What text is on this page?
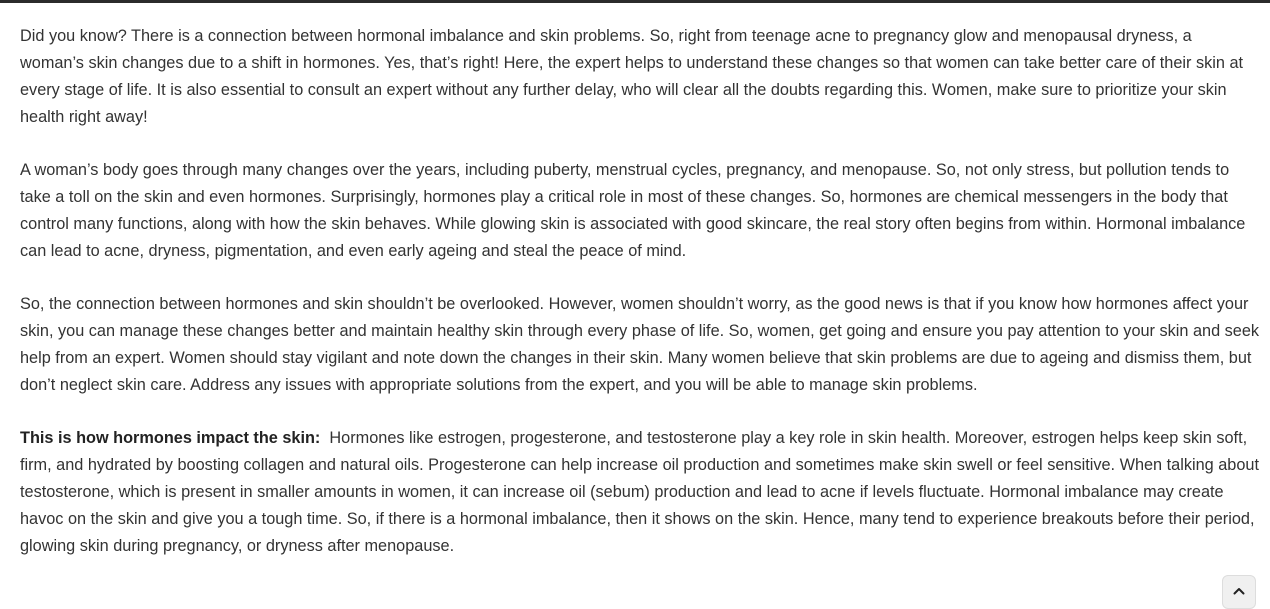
Did you know? There is a connection between hormonal imbalance and skin problems. So, right from teenage acne to pregnancy glow and menopausal dryness, a woman’s skin changes due to a shift in hormones. Yes, that’s right! Here, the expert helps to understand these changes so that women can take better care of their skin at every stage of life. It is also essential to consult an expert without any further delay, who will clear all the doubts regarding this. Women, make sure to prioritize your skin health right away!

A woman’s body goes through many changes over the years, including puberty, menstrual cycles, pregnancy, and menopause. So, not only stress, but pollution tends to take a toll on the skin and even hormones. Surprisingly, hormones play a critical role in most of these changes. So, hormones are chemical messengers in the body that control many functions, along with how the skin behaves. While glowing skin is associated with good skincare, the real story often begins from within. Hormonal imbalance can lead to acne, dryness, pigmentation, and even early ageing and steal the peace of mind.

So, the connection between hormones and skin shouldn’t be overlooked. However, women shouldn’t worry, as the good news is that if you know how hormones affect your skin, you can manage these changes better and maintain healthy skin through every phase of life. So, women, get going and ensure you pay attention to your skin and seek help from an expert. Women should stay vigilant and note down the changes in their skin. Many women believe that skin problems are due to ageing and dismiss them, but don’t neglect skin care. Address any issues with appropriate solutions from the expert, and you will be able to manage skin problems.

This is how hormones impact the skin: Hormones like estrogen, progesterone, and testosterone play a key role in skin health. Moreover, estrogen helps keep skin soft, firm, and hydrated by boosting collagen and natural oils. Progesterone can help increase oil production and sometimes make skin swell or feel sensitive. When talking about testosterone, which is present in smaller amounts in women, it can increase oil (sebum) production and lead to acne if levels fluctuate. Hormonal imbalance may create havoc on the skin and give you a tough time. So, if there is a hormonal imbalance, then it shows on the skin. Hence, many tend to experience breakouts before their period, glowing skin during pregnancy, or dryness after menopause.
